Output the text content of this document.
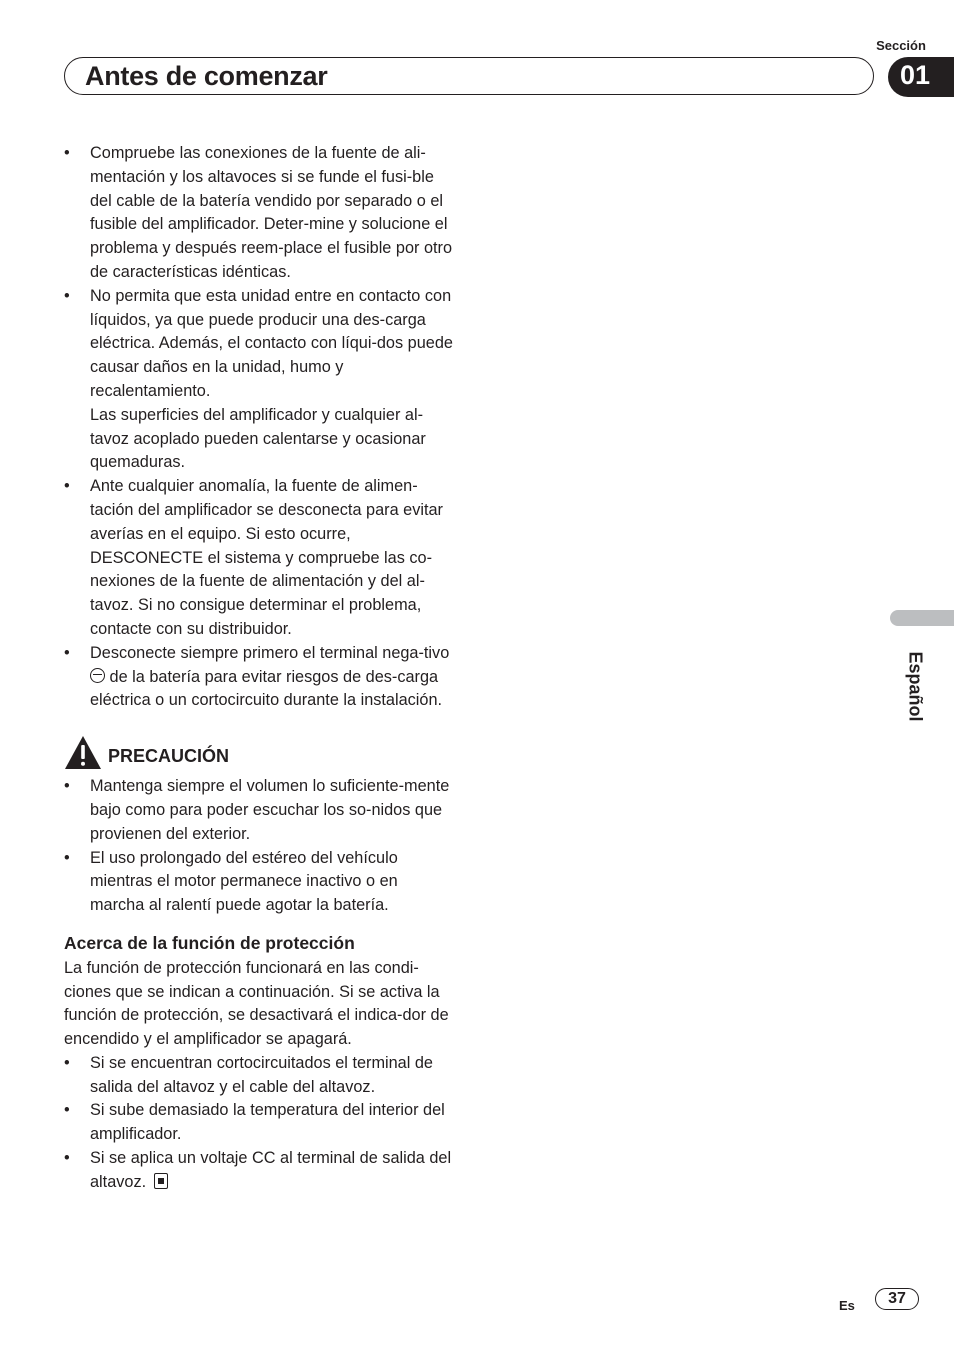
Sección
Antes de comenzar	01
Español
•	Compruebe las conexiones de la fuente de ali-mentación y los altavoces si se funde el fusi-ble del cable de la batería vendido por separado o el fusible del amplificador. Deter-mine y solucione el problema y después reem-place el fusible por otro de características idénticas.
•	No permita que esta unidad entre en contacto con líquidos, ya que puede producir una des-carga eléctrica. Además, el contacto con líqui-dos puede causar daños en la unidad, humo y recalentamiento.
Las superficies del amplificador y cualquier al-tavoz acoplado pueden calentarse y ocasionar quemaduras.
•	Ante cualquier anomalía, la fuente de alimen-tación del amplificador se desconecta para evitar averías en el equipo. Si esto ocurre, DESCONECTE el sistema y compruebe las co-nexiones de la fuente de alimentación y del al-tavoz. Si no consigue determinar el problema, contacte con su distribuidor.
•	Desconecte siempre primero el terminal nega-tivo  de la batería para evitar riesgos de des-carga eléctrica o un cortocircuito durante la instalación.
PRECAUCIÓN
•	Mantenga siempre el volumen lo suficiente-mente bajo como para poder escuchar los so-nidos que provienen del exterior.
•	El uso prolongado del estéreo del vehículo mientras el motor permanece inactivo o en marcha al ralentí puede agotar la batería.
Acerca de la función de protección

La función de protección funcionará en las condi-ciones que se indican a continuación. Si se activa la función de protección, se desactivará el indica-dor de encendido y el amplificador se apagará.

•	Si se encuentran cortocircuitados el terminal de salida del altavoz y el cable del altavoz.
•	Si sube demasiado la temperatura del interior del amplificador.
•	Si se aplica un voltaje CC al terminal de salida del altavoz.
Es	37
